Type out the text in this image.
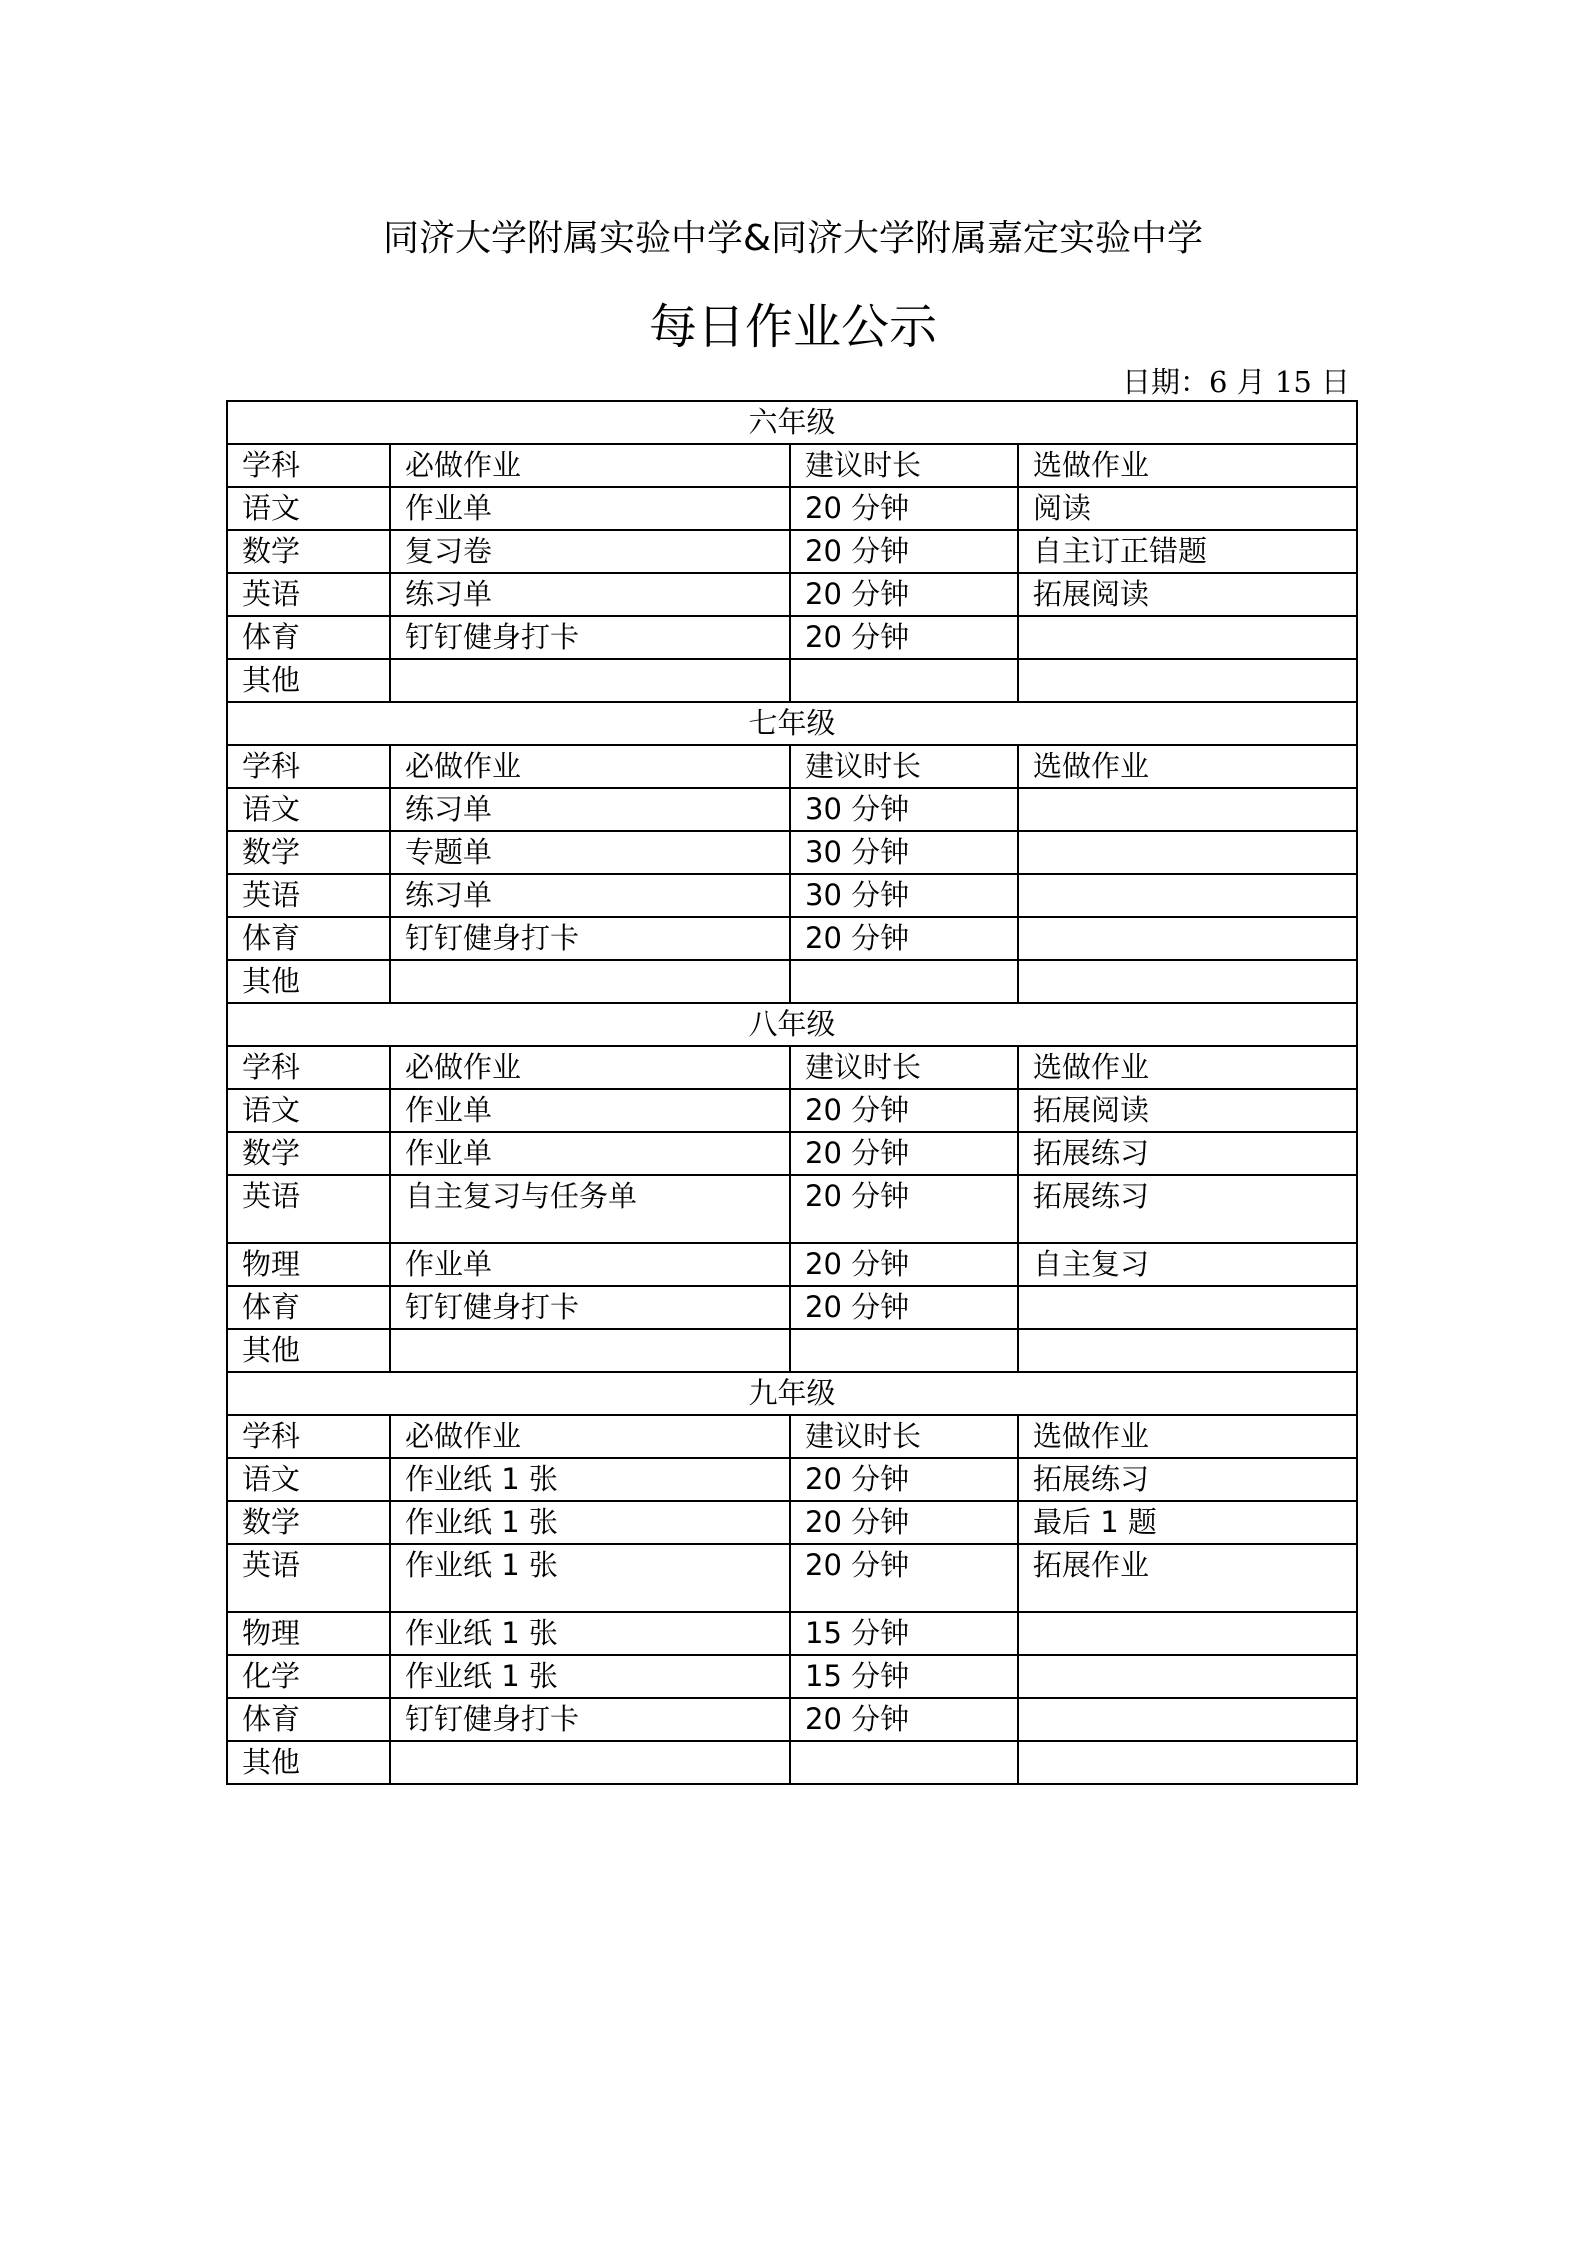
同济大学附属实验中学&同济大学附属嘉定实验中学
每日作业公示
日期：6 月 15 日
六年级			
学科	必做作业	建议时长	选做作业
语文	作业单	20 分钟	阅读
数学	复习卷	20 分钟	自主订正错题
英语	练习单	20 分钟	拓展阅读
体育	钉钉健身打卡	20 分钟	
其他			
七年级			
学科	必做作业	建议时长	选做作业
语文	练习单	30 分钟	
数学	专题单	30 分钟	
英语	练习单	30 分钟	
体育	钉钉健身打卡	20 分钟	
其他			
八年级			
学科	必做作业	建议时长	选做作业
语文	作业单	20 分钟	拓展阅读
数学	作业单	20 分钟	拓展练习
英语	自主复习与任务单	20 分钟	拓展练习
物理	作业单	20 分钟	自主复习
体育	钉钉健身打卡	20 分钟	
其他			
九年级			
学科	必做作业	建议时长	选做作业
语文	作业纸 1 张	20 分钟	拓展练习
数学	作业纸 1 张	20 分钟	最后 1 题
英语	作业纸 1 张	20 分钟	拓展作业
物理	作业纸 1 张	15 分钟	
化学	作业纸 1 张	15 分钟	
体育	钉钉健身打卡	20 分钟	
其他			
